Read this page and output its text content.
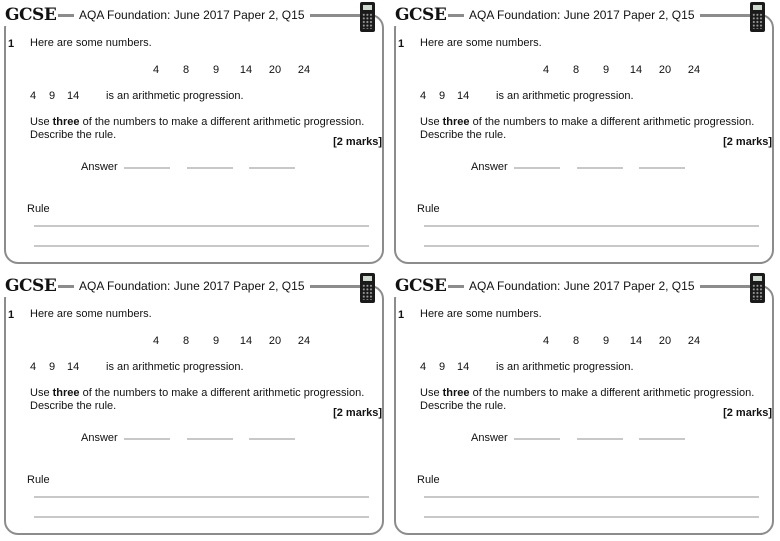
GCSE	AQA Foundation: June 2017 Paper 2, Q15
1 Here are some numbers.
4	8	9	14	20	24
4 9 14 is an arithmetic progression.
Use three of the numbers to make a different arithmetic progression.
Describe the rule.
[2 marks]
Answer
Rule
GCSE	AQA Foundation: June 2017 Paper 2, Q15
1 Here are some numbers.
4	8	9	14	20	24
4 9 14 is an arithmetic progression.
Use three of the numbers to make a different arithmetic progression.
Describe the rule.
[2 marks]
Answer
Rule
GCSE	AQA Foundation: June 2017 Paper 2, Q15
1 Here are some numbers.
4	8	9	14	20	24
4 9 14 is an arithmetic progression.
Use three of the numbers to make a different arithmetic progression.
Describe the rule.
[2 marks]
Answer
Rule
GCSE	AQA Foundation: June 2017 Paper 2, Q15
1 Here are some numbers.
4	8	9	14	20	24
4 9 14 is an arithmetic progression.
Use three of the numbers to make a different arithmetic progression.
Describe the rule.
[2 marks]
Answer
Rule
